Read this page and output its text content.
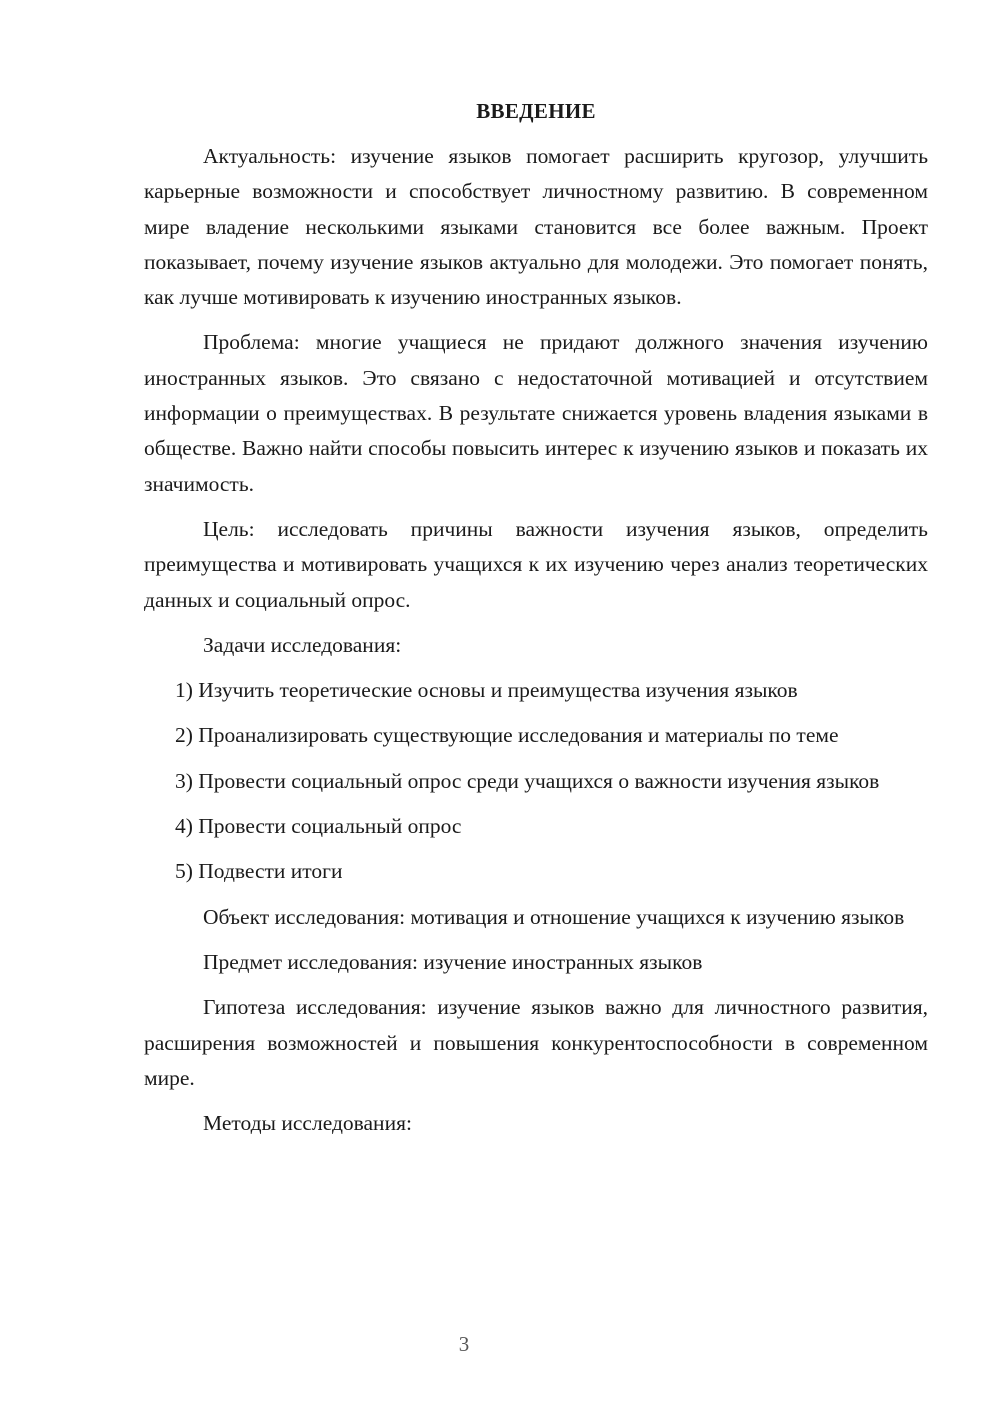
ВВЕДЕНИЕ

Актуальность: изучение языков помогает расширить кругозор, улучшить карьерные возможности и способствует личностному развитию. В современном мире владение несколькими языками становится все более важным. Проект показывает, почему изучение языков актуально для молодежи. Это помогает понять, как лучше мотивировать к изучению иностранных языков.

Проблема: многие учащиеся не придают должного значения изучению иностранных языков. Это связано с недостаточной мотивацией и отсутствием информации о преимуществах. В результате снижается уровень владения языками в обществе. Важно найти способы повысить интерес к изучению языков и показать их значимость.

Цель: исследовать причины важности изучения языков, определить преимущества и мотивировать учащихся к их изучению через анализ теоретических данных и социальный опрос.

Задачи исследования:

1) Изучить теоретические основы и преимущества изучения языков

2) Проанализировать существующие исследования и материалы по теме

3) Провести социальный опрос среди учащихся о важности изучения языков

4) Провести социальный опрос

5) Подвести итоги

Объект исследования: мотивация и отношение учащихся к изучению языков

Предмет исследования: изучение иностранных языков

Гипотеза исследования: изучение языков важно для личностного развития, расширения возможностей и повышения конкурентоспособности в современном мире.

Методы исследования:

3
